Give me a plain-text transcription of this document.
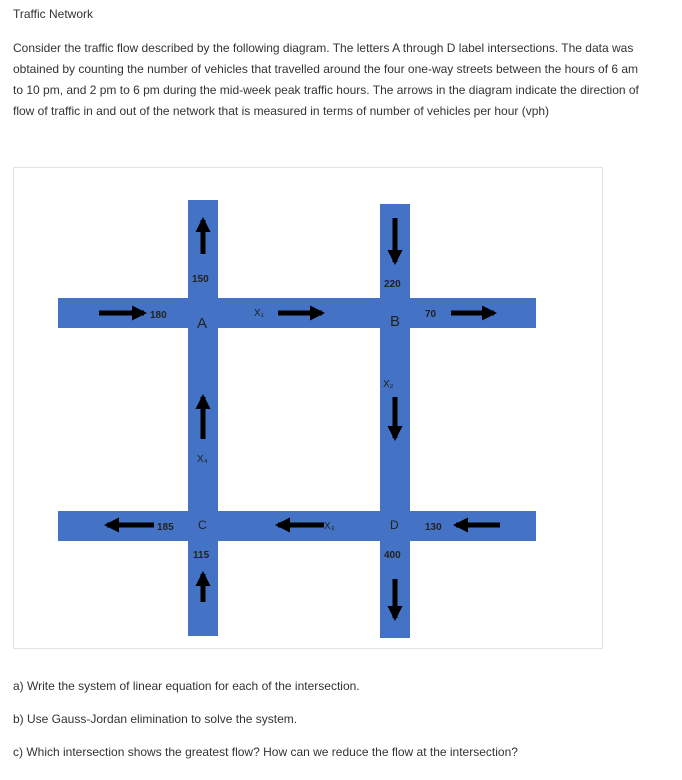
Traffic Network
Consider the traffic flow described by the following diagram. The letters A through D label intersections. The data was obtained by counting the number of vehicles that travelled around the four one-way streets between the hours of 6 am to 10 pm, and 2 pm to 6 pm during the mid-week peak traffic hours. The arrows in the diagram indicate the direction of flow of traffic in and out of the network that is measured in terms of number of vehicles per hour (vph)
150	220
180	70
185	130
115	400
X₁
X₂
X₃
X₄
A	B
C	D
a) Write the system of linear equation for each of the intersection.
b) Use Gauss-Jordan elimination to solve the system.
c) Which intersection shows the greatest flow? How can we reduce the flow at the intersection?
